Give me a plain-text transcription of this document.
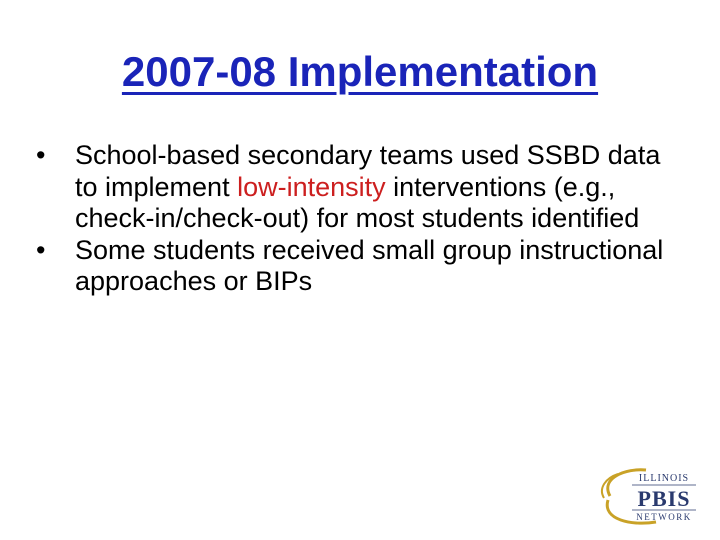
2007-08 Implementation
•	School-based secondary teams used SSBD data to implement low-intensity interventions (e.g., check-in/check-out) for most students identified
•	Some students received small group instructional approaches or BIPs
ILLINOIS
PBIS
NETWORK
